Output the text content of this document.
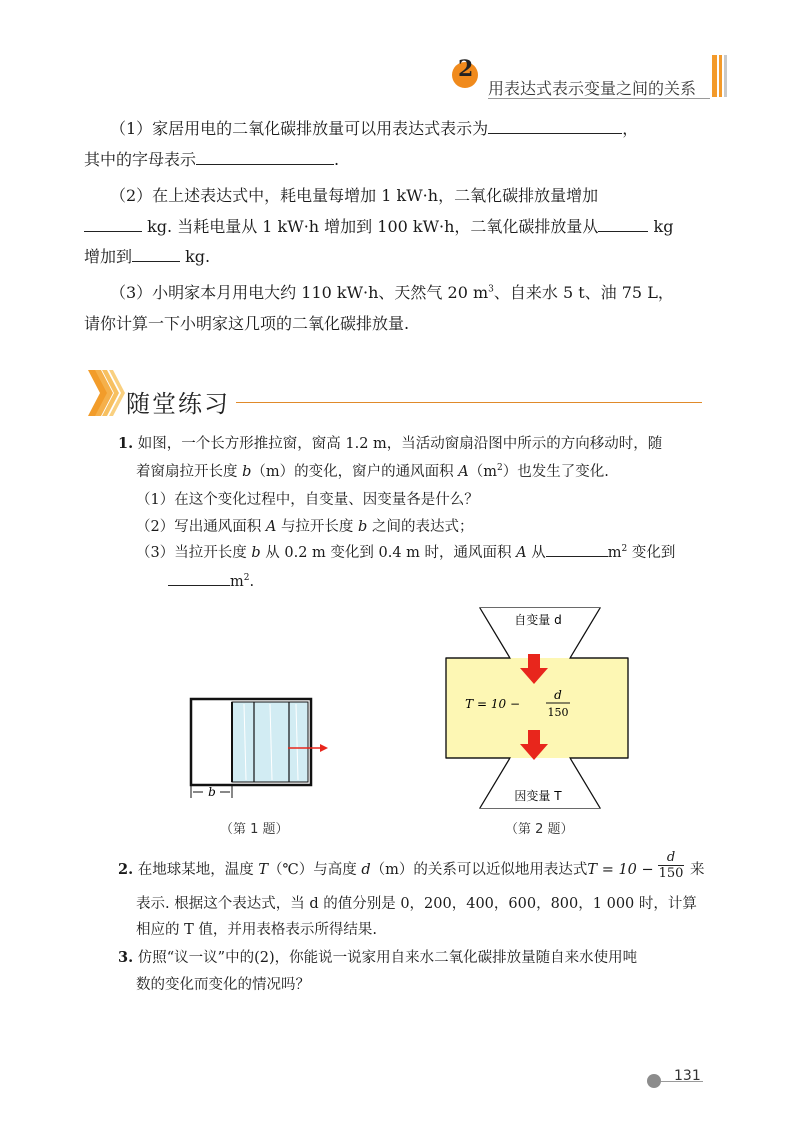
2
用表达式表示变量之间的关系
（1）家居用电的二氧化碳排放量可以用表达式表示为	，
其中的字母表示	.
（2）在上述表达式中，耗电量每增加 1 kW·h，二氧化碳排放量增加
kg. 当耗电量从 1 kW·h 增加到 100 kW·h，二氧化碳排放量从	kg
增加到	kg.
（3）小明家本月用电大约 110 kW·h、天然气 20 $m^3$、自来水 5 t、油 75 L，
请你计算一下小明家这几项的二氧化碳排放量.
随堂练习
1. 如图，一个长方形推拉窗，窗高 1.2 m，当活动窗扇沿图中所示的方向移动时，随
着窗扇拉开长度 b（m）的变化，窗户的通风面积 $A(m^2)$也发生了变化.
（1）在这个变化过程中，自变量、因变量各是什么？
（2）写出通风面积 A 与拉开长度 b 之间的表达式；
（3）当拉开长度 b 从 0.2 m 变化到 0.4 m 时，通风面积 A 从	$m^2$ 变化到
$m^2$.
b
（第 1 题）
自变量 d
因变量 T
T = 10 −
d
150
（第 2 题）
2. 在地球某地，温度 T（℃）与高度 d（m）的关系可以近似地用表达式T = 10 −
d
150 来
表示. 根据这个表达式，当 d 的值分别是 0，200，400，600，800，1 000 时，计算
相应的 T 值，并用表格表示所得结果.
3. 仿照“议一议”中的(2)，你能说一说家用自来水二氧化碳排放量随自来水使用吨
数的变化而变化的情况吗？
131
